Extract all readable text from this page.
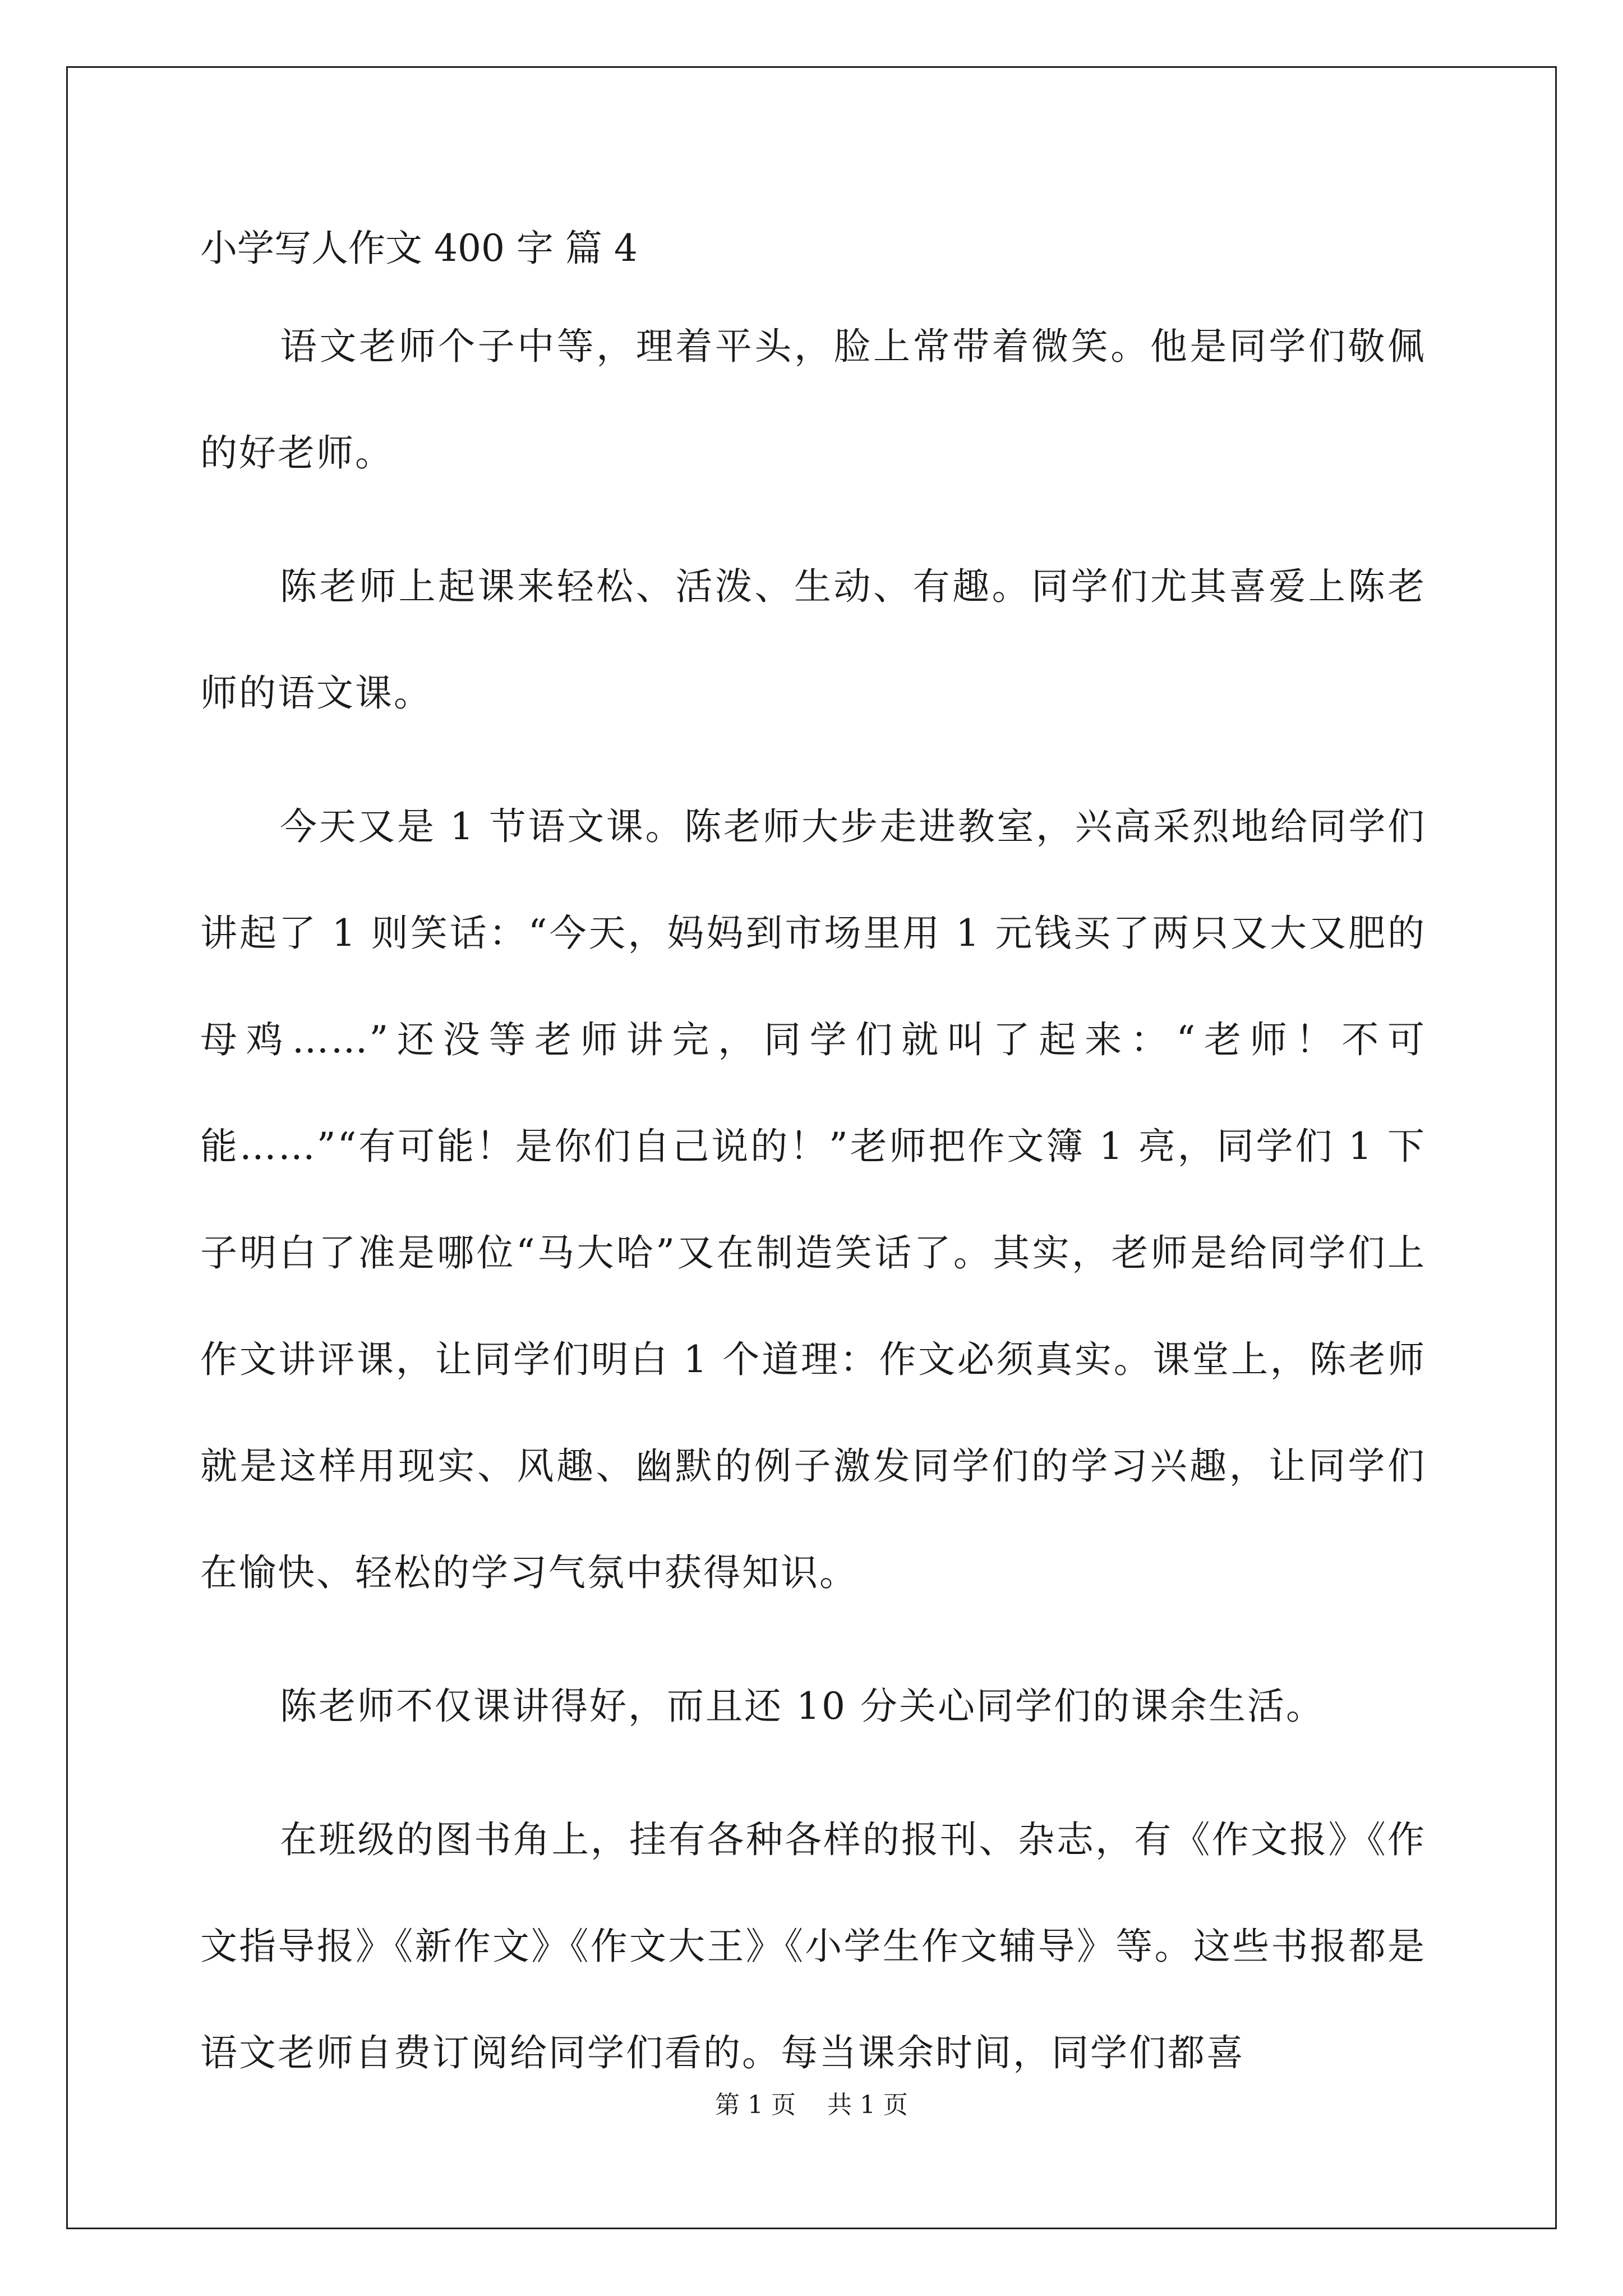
小学写人作文 400 字 篇 4

语文老师个子中等，理着平头，脸上常带着微笑。他是同学们敬佩的好老师。

陈老师上起课来轻松、活泼、生动、有趣。同学们尤其喜爱上陈老师的语文课。

今天又是 1 节语文课。陈老师大步走进教室，兴高采烈地给同学们讲起了 1 则笑话：“今天，妈妈到市场里用 1 元钱买了两只又大又肥的母鸡……”还没等老师讲完，同学们就叫了起来：“老师！不可能……”“有可能！是你们自己说的！”老师把作文簿 1 亮，同学们 1 下子明白了准是哪位“马大哈”又在制造笑话了。其实，老师是给同学们上作文讲评课，让同学们明白 1 个道理：作文必须真实。课堂上，陈老师就是这样用现实、风趣、幽默的例子激发同学们的学习兴趣，让同学们在愉快、轻松的学习气氛中获得知识。

陈老师不仅课讲得好，而且还 10 分关心同学们的课余生活。

在班级的图书角上，挂有各种各样的报刊、杂志，有《作文报》《作文指导报》《新作文》《作文大王》《小学生作文辅导》等。这些书报都是语文老师自费订阅给同学们看的。每当课余时间，同学们都喜

第 1 页    共 1 页
